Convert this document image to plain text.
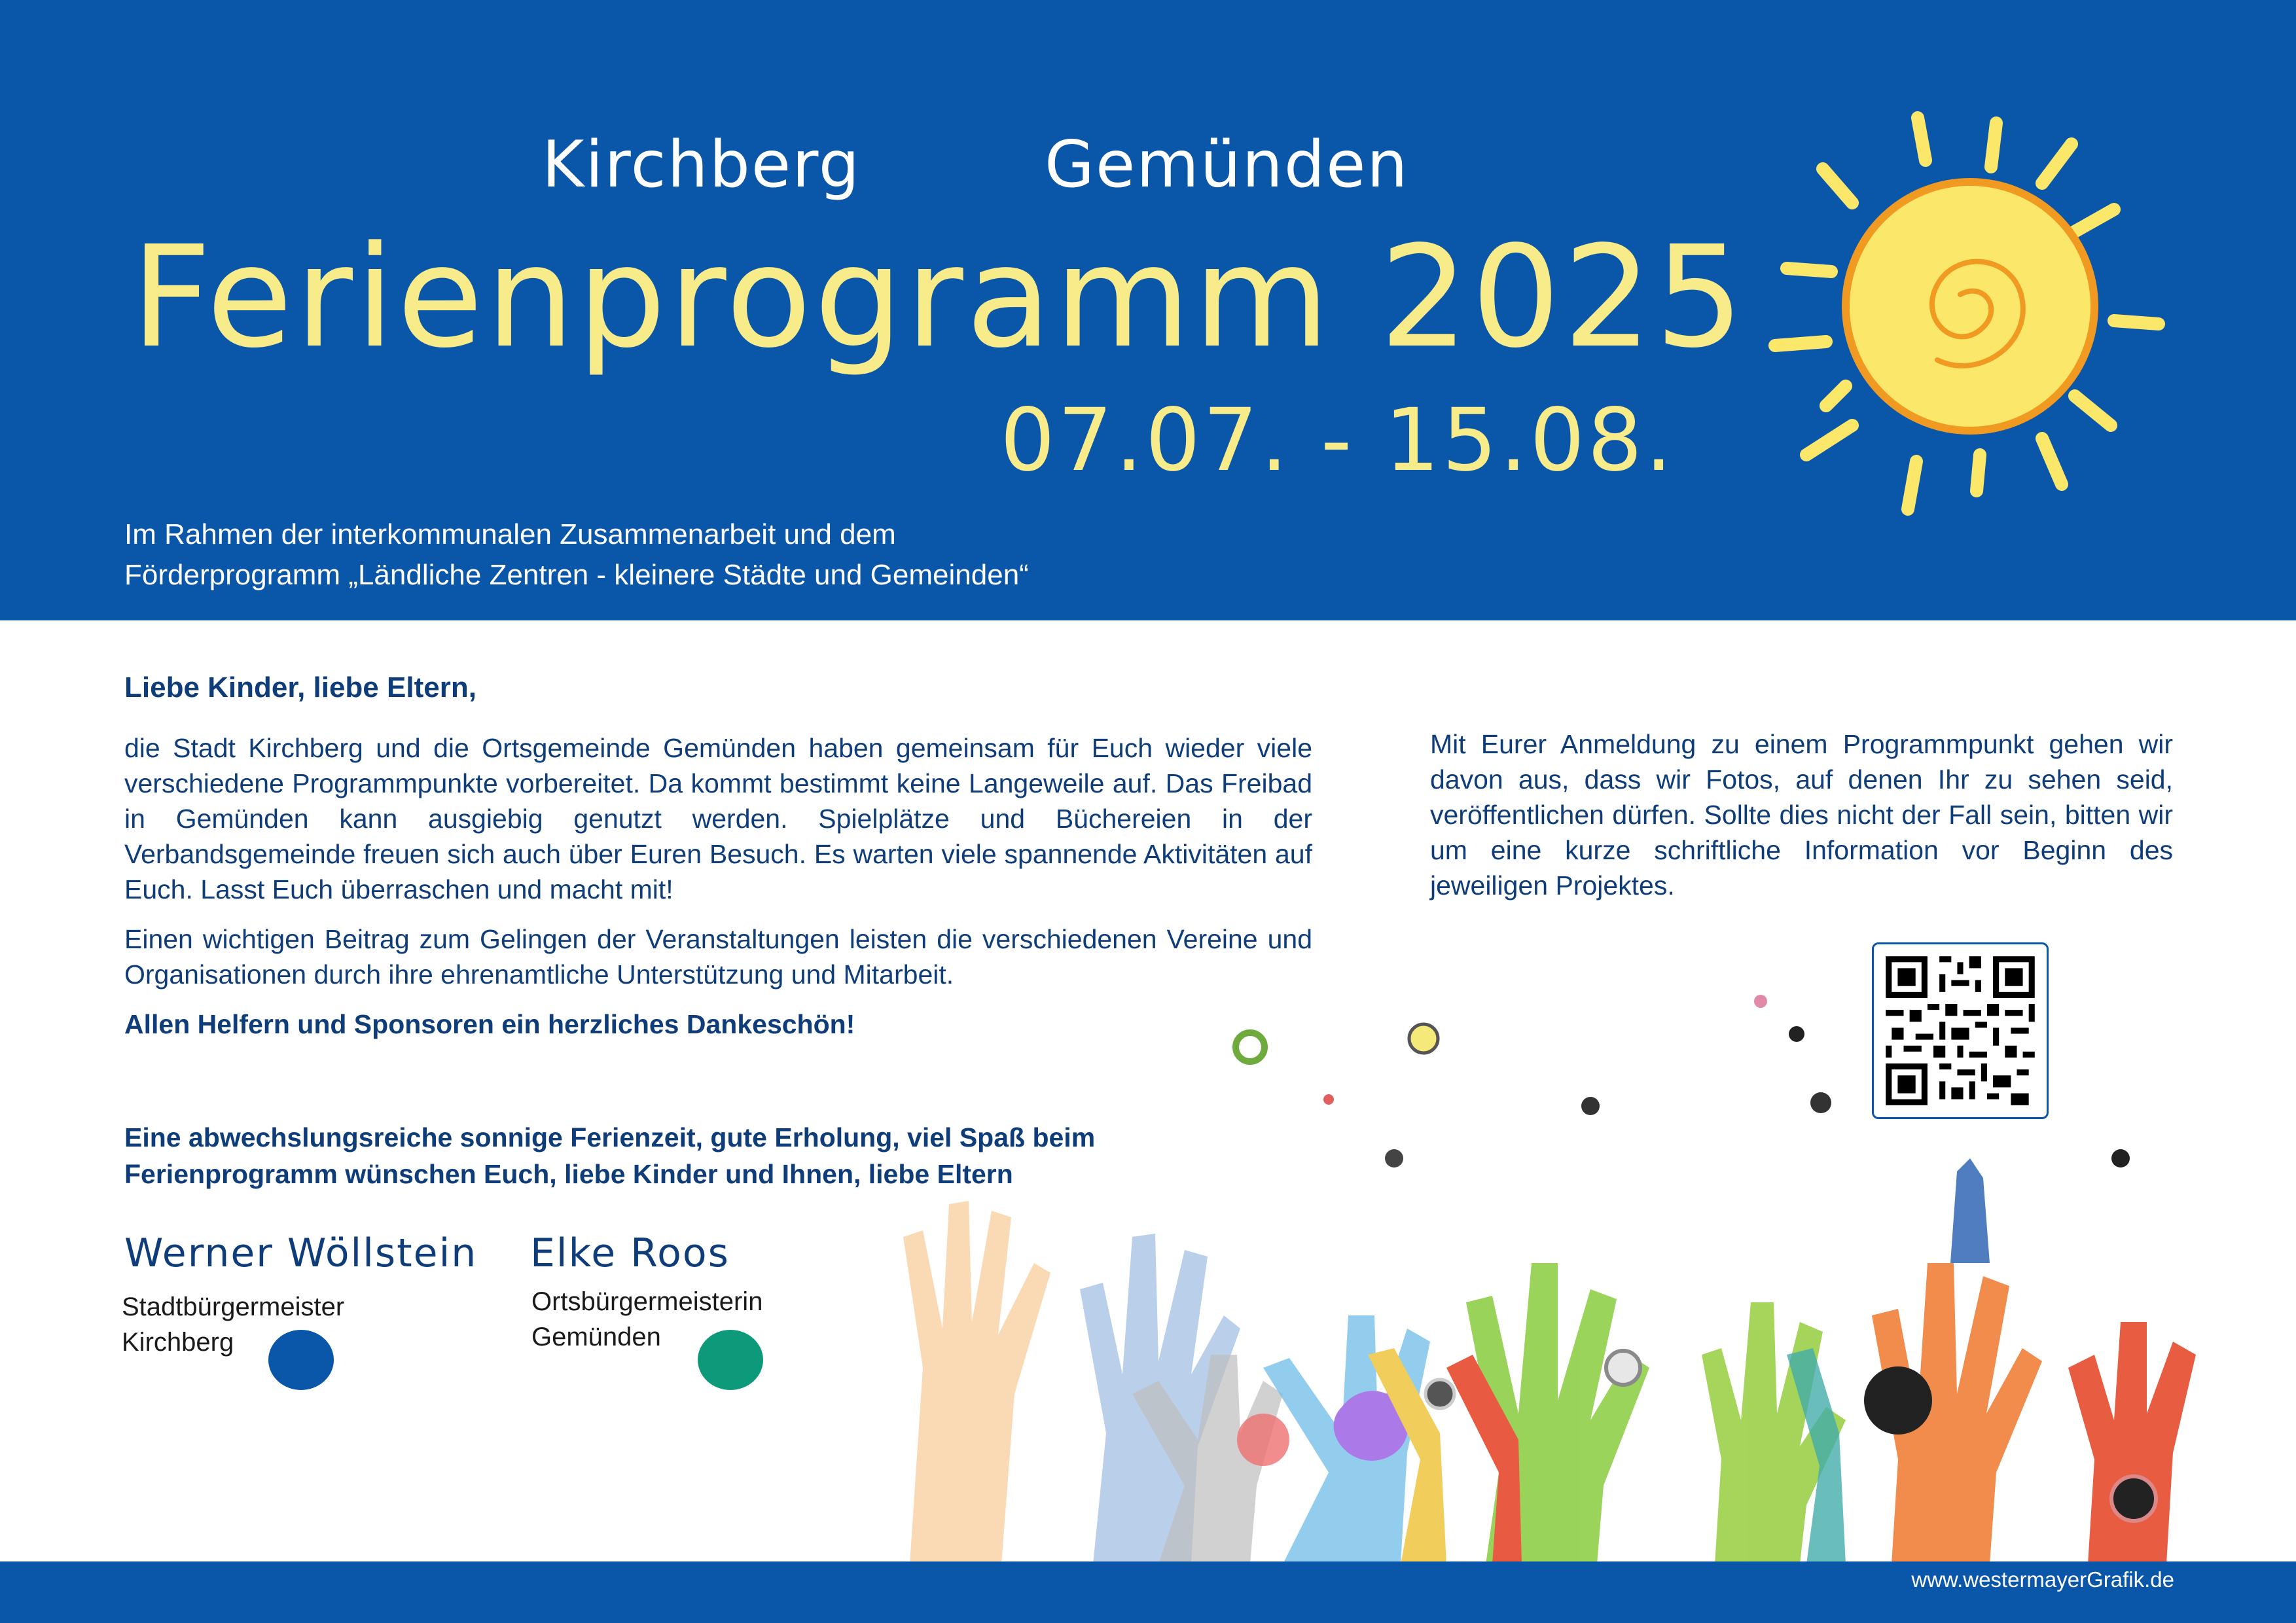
Kirchberg	Gemünden
Ferienprogramm 2025
07.07. - 15.08.
Im Rahmen der interkommunalen Zusammenarbeit und dem
Förderprogramm „Ländliche Zentren - kleinere Städte und Gemeinden“

Liebe Kinder, liebe Eltern,

die Stadt Kirchberg und die Ortsgemeinde Gemünden haben gemeinsam für Euch wieder viele verschiedene Programmpunkte vorbereitet. Da kommt bestimmt keine Langeweile auf. Das Freibad in Gemünden kann ausgiebig genutzt werden. Spielplätze und Büchereien in der Verbandsgemeinde freuen sich auch über Euren Besuch. Es warten viele spannende Aktivitäten auf Euch. Lasst Euch überraschen und macht mit!

Einen wichtigen Beitrag zum Gelingen der Veranstaltungen leisten die verschiedenen Vereine und Organisationen durch ihre ehrenamtliche Unterstützung und Mitarbeit.

Allen Helfern und Sponsoren ein herzliches Dankeschön!

Eine abwechslungsreiche sonnige Ferienzeit, gute Erholung, viel Spaß beim
Ferienprogramm wünschen Euch, liebe Kinder und Ihnen, liebe Eltern

Mit Eurer Anmeldung zu einem Programmpunkt gehen wir davon aus, dass wir Fotos, auf denen Ihr zu sehen seid, veröffentlichen dürfen. Sollte dies nicht der Fall sein, bitten wir um eine kurze schriftliche Information vor Beginn des jeweiligen Projektes.

Werner Wöllstein
Stadtbürgermeister
Kirchberg
Elke Roos
Ortsbürgermeisterin
Gemünden
www.westermayerGrafik.de
